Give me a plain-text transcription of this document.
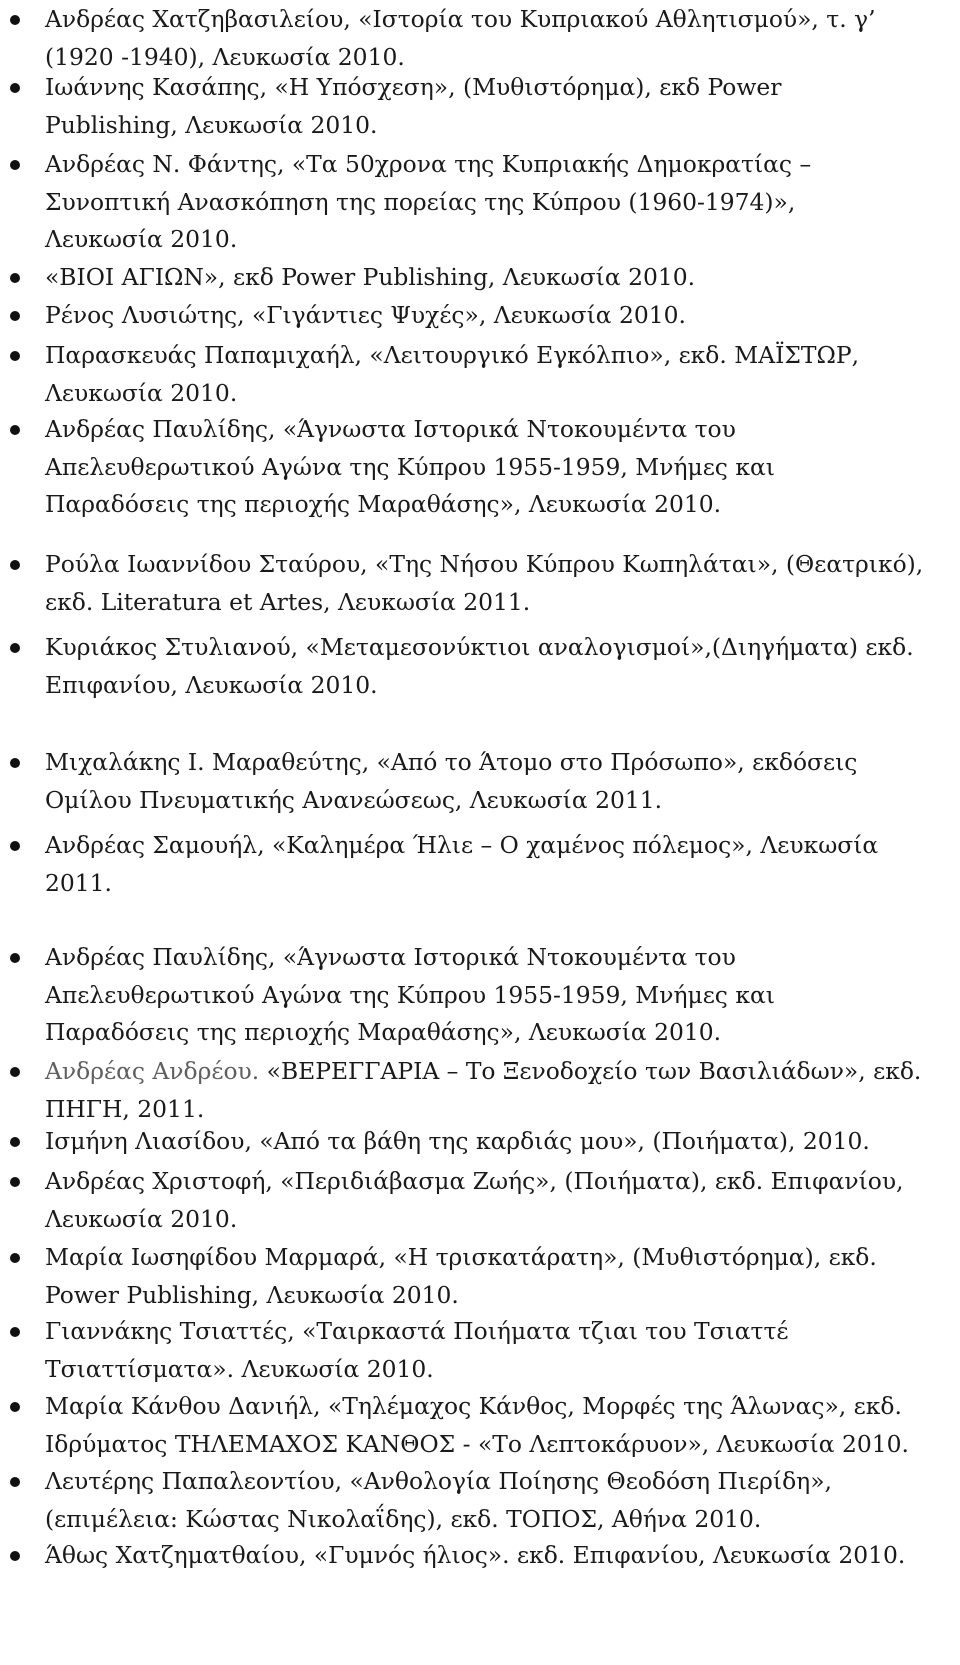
Ανδρέας Χατζηβασιλείου, «Ιστορία του Κυπριακού Αθλητισμού», τ. γ’
(1920 -1940), Λευκωσία 2010.
Ιωάννης Κασάπης, «Η Υπόσχεση», (Μυθιστόρημα), εκδ Power
Publishing, Λευκωσία 2010.
Ανδρέας Ν. Φάντης, «Τα 50χρονα της Κυπριακής Δημοκρατίας –
Συνοπτική Ανασκόπηση της πορείας της Κύπρου (1960-1974)»,
Λευκωσία 2010.
«ΒΙΟΙ ΑΓΙΩΝ», εκδ Power Publishing, Λευκωσία 2010.
Ρένος Λυσιώτης, «Γιγάντιες Ψυχές», Λευκωσία 2010.
Παρασκευάς Παπαμιχαήλ, «Λειτουργικό Εγκόλπιο», εκδ. ΜΑΪΣΤΩΡ,
Λευκωσία 2010.
Ανδρέας Παυλίδης, «Άγνωστα Ιστορικά Ντοκουμέντα του
Απελευθερωτικού Αγώνα της Κύπρου 1955-1959, Μνήμες και
Παραδόσεις της περιοχής Μαραθάσης», Λευκωσία 2010.
Ρούλα Ιωαννίδου Σταύρου, «Της Νήσου Κύπρου Κωπηλάται», (Θεατρικό),
εκδ. Literatura et Artes, Λευκωσία 2011.
Κυριάκος Στυλιανού, «Μεταμεσονύκτιοι αναλογισμοί»,(Διηγήματα) εκδ.
Επιφανίου, Λευκωσία 2010.
Μιχαλάκης Ι. Μαραθεύτης, «Από το Άτομο στο Πρόσωπο», εκδόσεις
Ομίλου Πνευματικής Ανανεώσεως, Λευκωσία 2011.
Ανδρέας Σαμουήλ, «Καλημέρα Ήλιε – Ο χαμένος πόλεμος», Λευκωσία
2011.
Ανδρέας Παυλίδης, «Άγνωστα Ιστορικά Ντοκουμέντα του
Απελευθερωτικού Αγώνα της Κύπρου 1955-1959, Μνήμες και
Παραδόσεις της περιοχής Μαραθάσης», Λευκωσία 2010.
Ανδρέας Ανδρέου. «ΒΕΡΕΓΓΑΡΙΑ – Το Ξενοδοχείο των Βασιλιάδων», εκδ.
ΠΗΓΗ, 2011.
Ισμήνη Λιασίδου, «Από τα βάθη της καρδιάς μου», (Ποιήματα), 2010.
Ανδρέας Χριστοφή, «Περιδιάβασμα Ζωής», (Ποιήματα), εκδ. Επιφανίου,
Λευκωσία 2010.
Μαρία Ιωσηφίδου Μαρμαρά, «Η τρισκατάρατη», (Μυθιστόρημα), εκδ.
Power Publishing, Λευκωσία 2010.
Γιαννάκης Τσιαττές, «Ταιρκαστά Ποιήματα τζιαι του Τσιαττέ
Τσιαττίσματα». Λευκωσία 2010.
Μαρία Κάνθου Δανιήλ, «Τηλέμαχος Κάνθος, Μορφές της Άλωνας», εκδ.
Ιδρύματος ΤΗΛΕΜΑΧΟΣ ΚΑΝΘΟΣ - «Το Λεπτοκάρυον», Λευκωσία 2010.
Λευτέρης Παπαλεοντίου, «Ανθολογία Ποίησης Θεοδόση Πιερίδη»,
(επιμέλεια: Κώστας Νικολαΐδης), εκδ. ΤΟΠΟΣ, Αθήνα 2010.
Άθως Χατζηματθαίου, «Γυμνός ήλιος». εκδ. Επιφανίου, Λευκωσία 2010.
